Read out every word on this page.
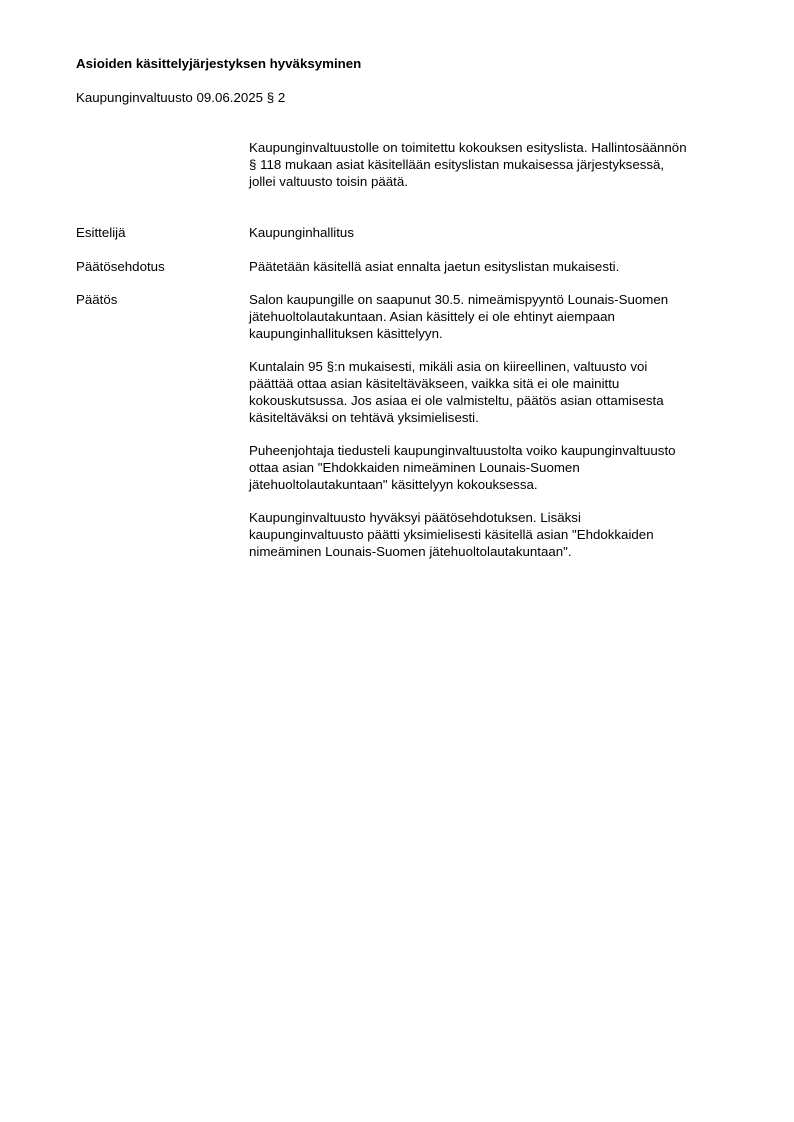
Asioiden käsittelyjärjestyksen hyväksyminen
Kaupunginvaltuusto 09.06.2025 § 2

Kaupunginvaltuustolle on toimitettu kokouksen esityslista. Hallintosäännön
§ 118 mukaan asiat käsitellään esityslistan mukaisessa järjestyksessä,
jollei valtuusto toisin päätä.

Esittelijä	Kaupunginhallitus
Päätösehdotus	Päätetään käsitellä asiat ennalta jaetun esityslistan mukaisesti.
Päätös	Salon kaupungille on saapunut 30.5. nimeämispyyntö Lounais-Suomen
jätehuoltolautakuntaan. Asian käsittely ei ole ehtinyt aiempaan
kaupunginhallituksen käsittelyyn.

Kuntalain 95 §:n mukaisesti, mikäli asia on kiireellinen, valtuusto voi
päättää ottaa asian käsiteltäväkseen, vaikka sitä ei ole mainittu
kokouskutsussa. Jos asiaa ei ole valmisteltu, päätös asian ottamisesta
käsiteltäväksi on tehtävä yksimielisesti.

Puheenjohtaja tiedusteli kaupunginvaltuustolta voiko kaupunginvaltuusto
ottaa asian "Ehdokkaiden nimeäminen Lounais-Suomen
jätehuoltolautakuntaan" käsittelyyn kokouksessa.

Kaupunginvaltuusto hyväksyi päätösehdotuksen. Lisäksi
kaupunginvaltuusto päätti yksimielisesti käsitellä asian "Ehdokkaiden
nimeäminen Lounais-Suomen jätehuoltolautakuntaan".
